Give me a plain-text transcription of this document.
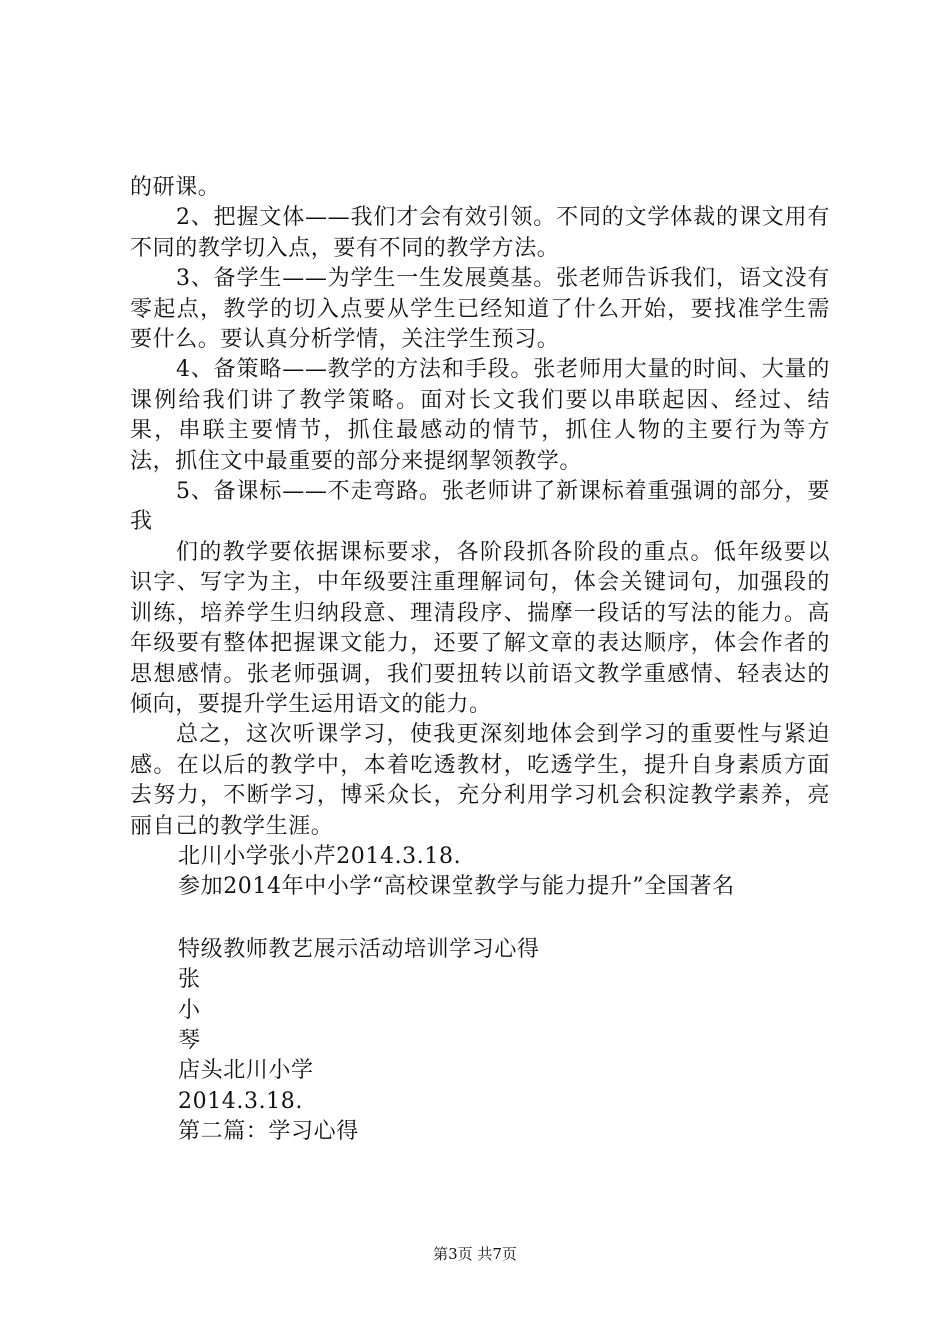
的研课。

2、把握文体——我们才会有效引领。不同的文学体裁的课文用有不同的教学切入点，要有不同的教学方法。

3、备学生——为学生一生发展奠基。张老师告诉我们，语文没有零起点，教学的切入点要从学生已经知道了什么开始，要找准学生需要什么。要认真分析学情，关注学生预习。

4、备策略——教学的方法和手段。张老师用大量的时间、大量的课例给我们讲了教学策略。面对长文我们要以串联起因、经过、结果，串联主要情节，抓住最感动的情节，抓住人物的主要行为等方法，抓住文中最重要的部分来提纲挈领教学。

5、备课标——不走弯路。张老师讲了新课标着重强调的部分，要我

们的教学要依据课标要求，各阶段抓各阶段的重点。低年级要以识字、写字为主，中年级要注重理解词句，体会关键词句，加强段的训练，培养学生归纳段意、理清段序、揣摩一段话的写法的能力。高年级要有整体把握课文能力，还要了解文章的表达顺序，体会作者的思想感情。张老师强调，我们要扭转以前语文教学重感情、轻表达的倾向，要提升学生运用语文的能力。

总之，这次听课学习，使我更深刻地体会到学习的重要性与紧迫感。在以后的教学中，本着吃透教材，吃透学生，提升自身素质方面去努力，不断学习，博采众长，充分利用学习机会积淀教学素养，亮丽自己的教学生涯。

北川小学张小芹2014.3.18.

参加2014年中小学“高校课堂教学与能力提升”全国著名

特级教师教艺展示活动培训学习心得

张

小

琴

店头北川小学

2014.3.18.

第二篇：学习心得

第3页 共7页
